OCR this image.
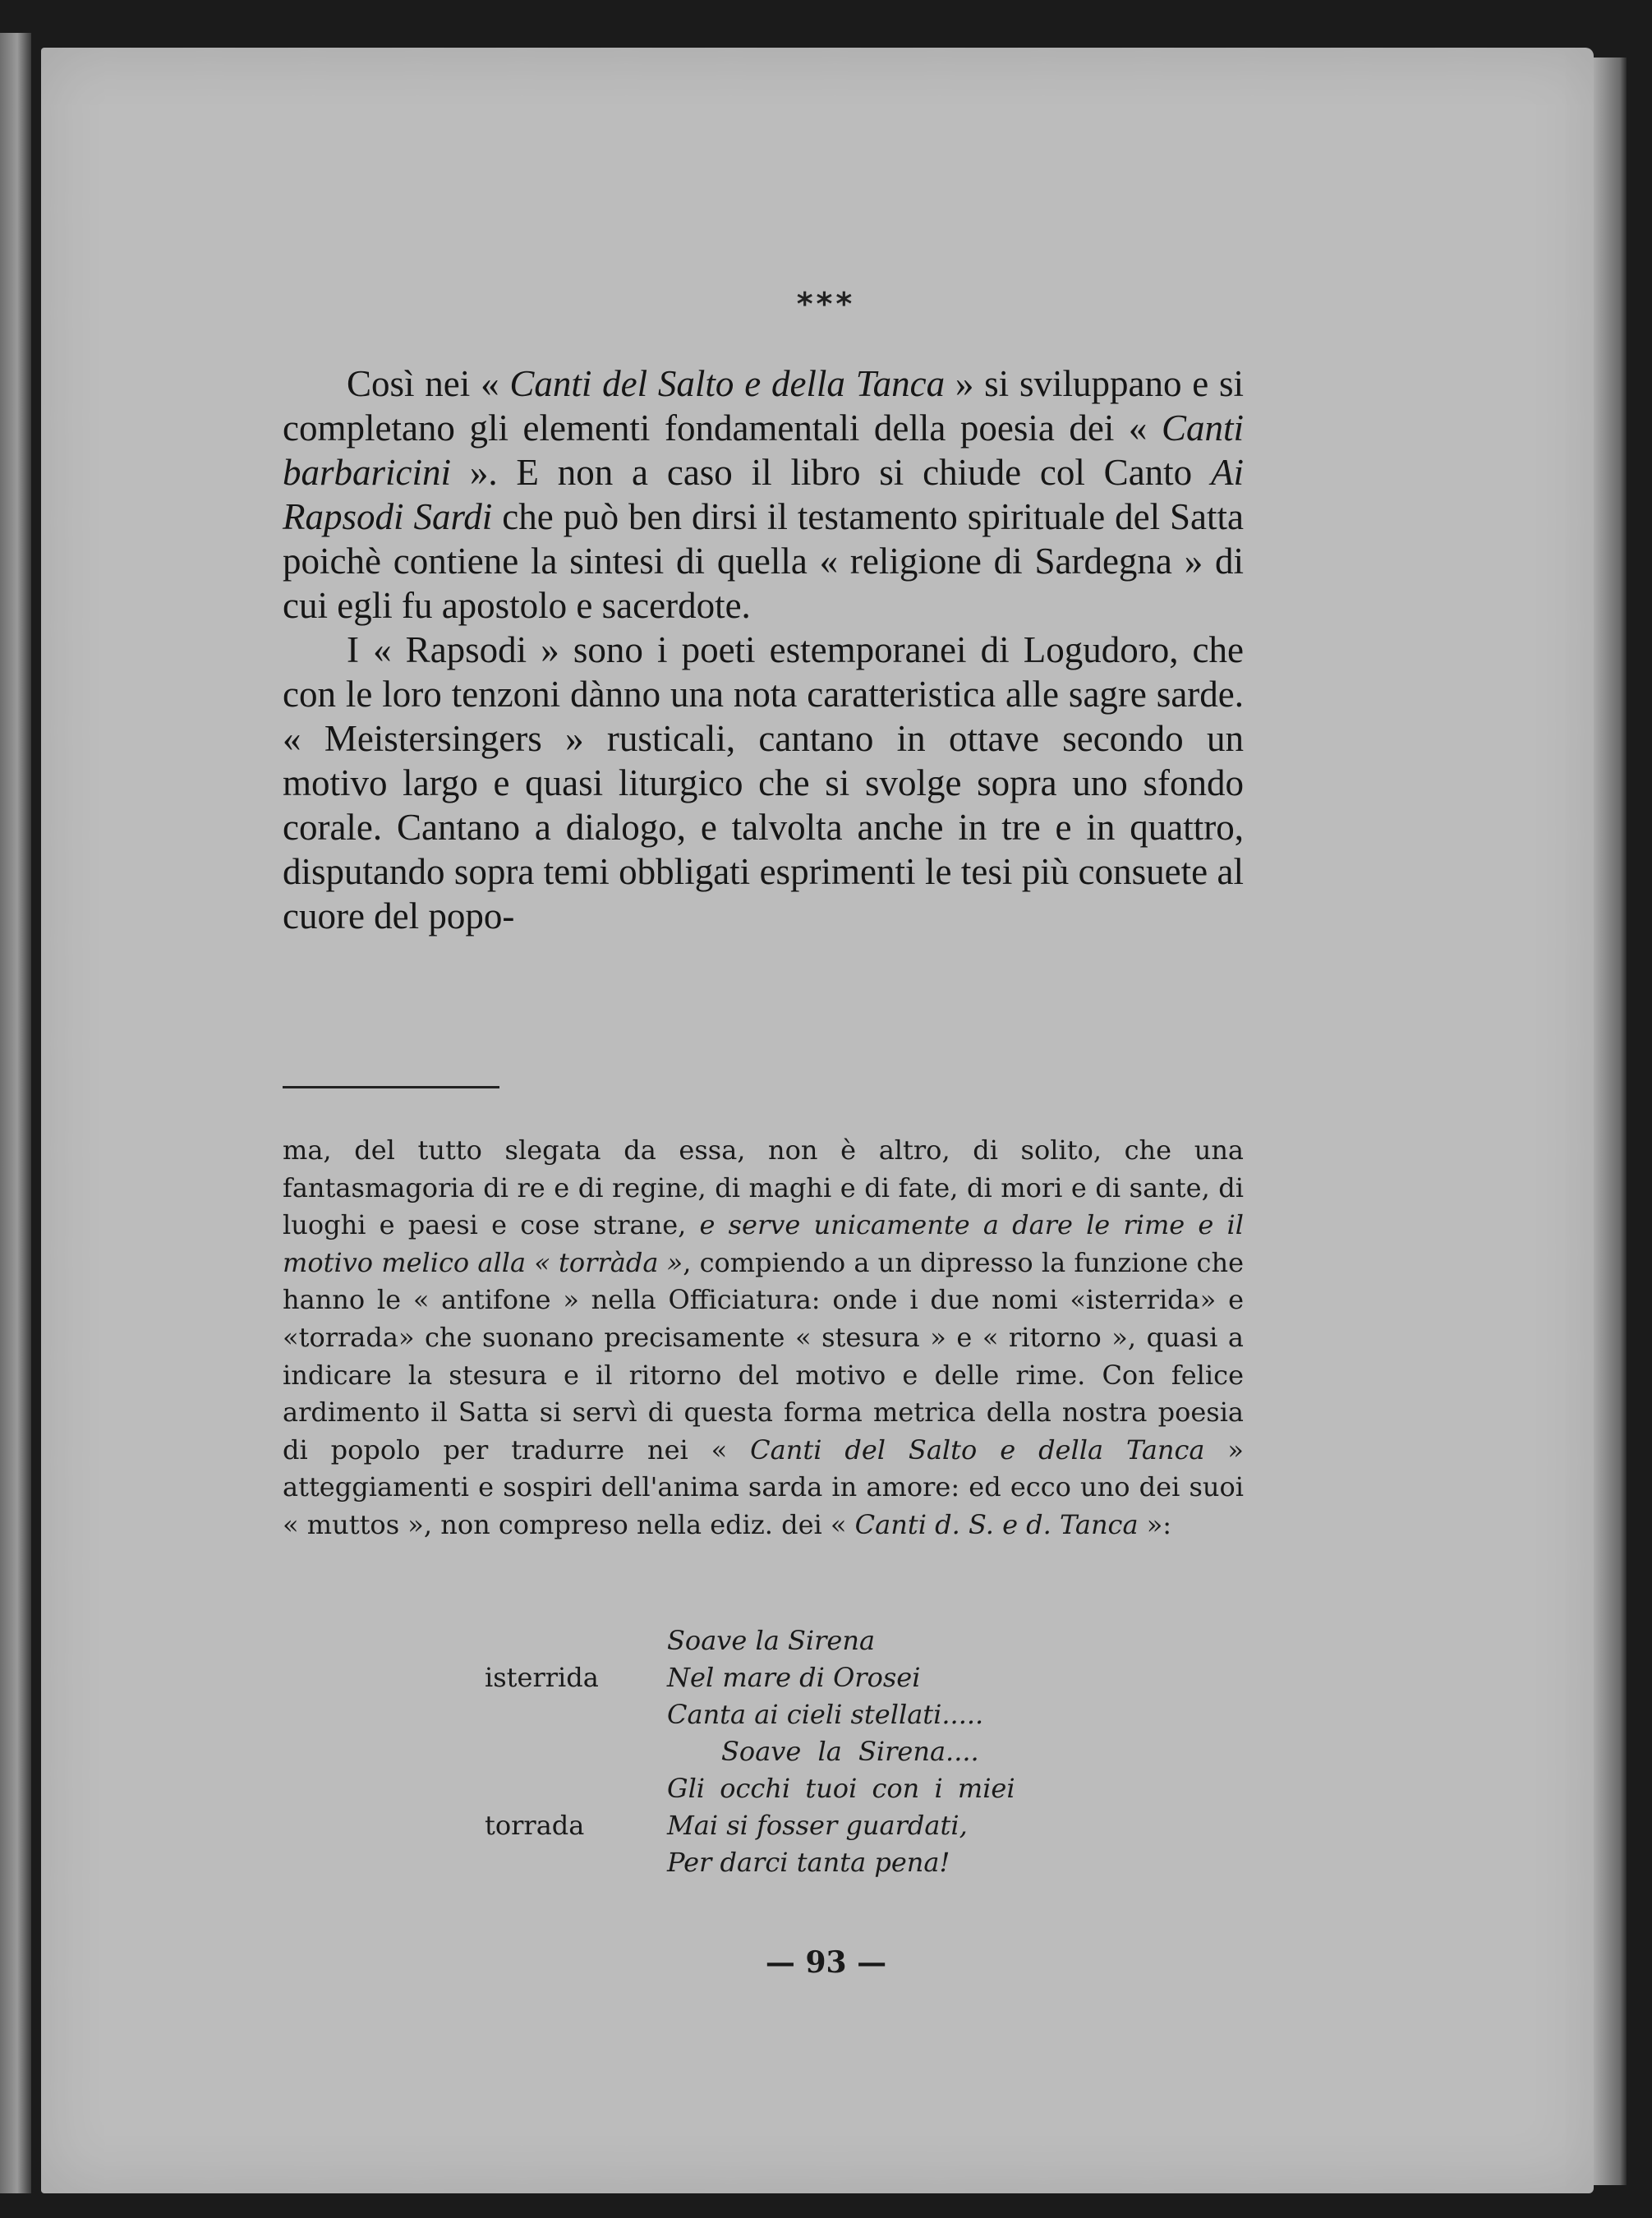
***

Così nei « Canti del Salto e della Tanca » si sviluppano e si completano gli elementi fondamentali della poesia dei « Canti barbaricini ». E non a caso il libro si chiude col Canto Ai Rapsodi Sardi che può ben dirsi il testamento spirituale del Satta poichè contiene la sintesi di quella « religione di Sardegna » di cui egli fu apostolo e sacerdote.

I « Rapsodi » sono i poeti estemporanei di Logudoro, che con le loro tenzoni dànno una nota caratteristica alle sagre sarde. « Meistersingers » rusticali, cantano in ottave secondo un motivo largo e quasi liturgico che si svolge sopra uno sfondo corale. Cantano a dialogo, e talvolta anche in tre e in quattro, disputando sopra temi obbligati esprimenti le tesi più consuete al cuore del popo-

ma, del tutto slegata da essa, non è altro, di solito, che una fantasmagoria di re e di regine, di maghi e di fate, di mori e di sante, di luoghi e paesi e cose strane, e serve unicamente a dare le rime e il motivo melico alla « torràda », compiendo a un dipresso la funzione che hanno le « antifone » nella Officiatura: onde i due nomi «isterrida» e «torrada» che suonano precisamente « stesura » e « ritorno », quasi a indicare la stesura e il ritorno del motivo e delle rime. Con felice ardimento il Satta si servì di questa forma metrica della nostra poesia di popolo per tradurre nei « Canti del Salto e della Tanca » atteggiamenti e sospiri dell'anima sarda in amore: ed ecco uno dei suoi « muttos », non compreso nella ediz. dei « Canti d. S. e d. Tanca »:

Soave la Sirena
isterrida	Nel mare di Orosei
Canta ai cieli stellati.....
Soave la Sirena....
Gli occhi tuoi con i miei
torrada	Mai si fosser guardati,
Per darci tanta pena!
— 93 —
